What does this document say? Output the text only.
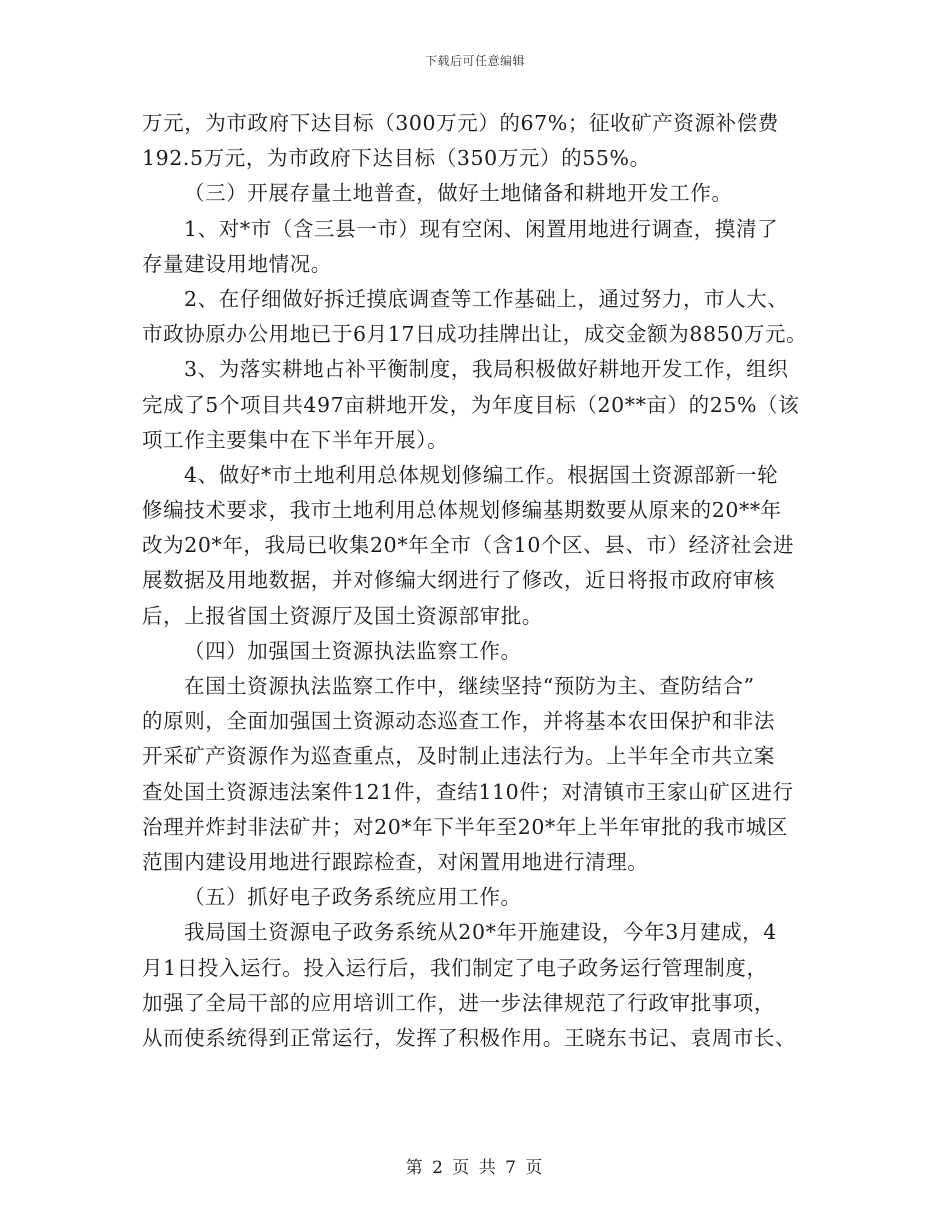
下载后可任意编辑
万元，为市政府下达目标（300万元）的67%；征收矿产资源补偿费
192.5万元，为市政府下达目标（350万元）的55%。
（三）开展存量土地普查，做好土地储备和耕地开发工作。
1、对*市（含三县一市）现有空闲、闲置用地进行调查，摸清了
存量建设用地情况。
2、在仔细做好拆迁摸底调查等工作基础上，通过努力，市人大、
市政协原办公用地已于6月17日成功挂牌出让，成交金额为8850万元。
3、为落实耕地占补平衡制度，我局积极做好耕地开发工作，组织
完成了5个项目共497亩耕地开发，为年度目标（20**亩）的25%（该
项工作主要集中在下半年开展）。
4、做好*市土地利用总体规划修编工作。根据国土资源部新一轮
修编技术要求，我市土地利用总体规划修编基期数要从原来的20**年
改为20*年，我局已收集20*年全市（含10个区、县、市）经济社会进
展数据及用地数据，并对修编大纲进行了修改，近日将报市政府审核
后，上报省国土资源厅及国土资源部审批。
（四）加强国土资源执法监察工作。
在国土资源执法监察工作中，继续坚持“预防为主、查防结合”
的原则，全面加强国土资源动态巡查工作，并将基本农田保护和非法
开采矿产资源作为巡查重点，及时制止违法行为。上半年全市共立案
查处国土资源违法案件121件，查结110件；对清镇市王家山矿区进行
治理并炸封非法矿井；对20*年下半年至20*年上半年审批的我市城区
范围内建设用地进行跟踪检查，对闲置用地进行清理。
（五）抓好电子政务系统应用工作。
我局国土资源电子政务系统从20*年开施建设，今年3月建成，4
月1日投入运行。投入运行后，我们制定了电子政务运行管理制度，
加强了全局干部的应用培训工作，进一步法律规范了行政审批事项，
从而使系统得到正常运行，发挥了积极作用。王晓东书记、袁周市长、
第 2 页 共 7 页
